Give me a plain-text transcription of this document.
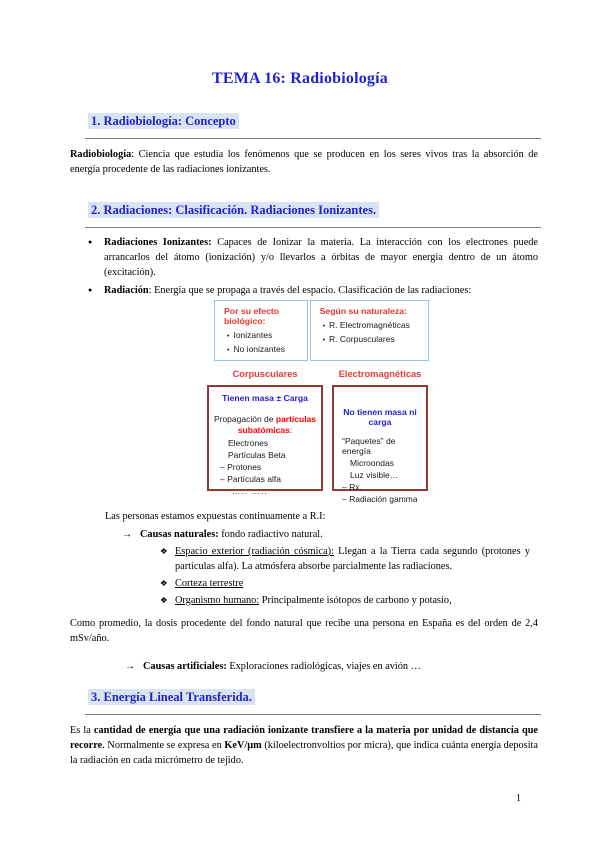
TEMA 16: Radiobiología
1. Radiobiología: Concepto

Radiobiología: Ciencia que estudia los fenómenos que se producen en los seres vivos tras la absorción de energía procedente de las radiaciones ionizantes.

2. Radiaciones: Clasificación. Radiaciones Ionizantes.
●	Radiaciones Ionizantes: Capaces de Ionizar la materia. La interacción con los electrones puede arrancarlos del átomo (ionización) y/o llevarlos a órbitas de mayor energía dentro de un átomo (excitación).

●	Radiación: Energía que se propaga a través del espacio. Clasificación de las radiaciones:

Por su efecto biológico:
• Ionizantes
• No ionizantes
Según su naturaleza:
• R. Electromagnéticas
• R. Corpusculares
Corpusculares	Electromagnéticas
Tienen masa ± Carga
Propagación de partículas subatómicas:
Electrones
Partículas Beta
– Protones
– Partículas alfa
….. …..
No tienen masa ni carga
“Paquetes” de energía
Microondas
Luz visible…
– Rx,
– Radiación gamma
Las personas estamos expuestas continuamente a R.I:
→ Causas naturales: fondo radiactivo natural.

❖ Espacio exterior (radiación cósmica): Llegan a la Tierra cada segundo (protones y partículas alfa). La atmósfera absorbe parcialmente las radiaciones.

❖ Corteza terrestre

❖ Organismo humano: Principalmente isótopos de carbono y potasio,

Como promedio, la dosis procedente del fondo natural que recibe una persona en España es del orden de 2,4 mSv/año.

→ Causas artificiales: Exploraciones radiológicas, viajes en avión …

3. Energía Lineal Transferida.

Es la cantidad de energía que una radiación ionizante transfiere a la materia por unidad de distancia que recorre. Normalmente se expresa en KeV/μm (kiloelectronvoltios por micra), que indica cuánta energía deposita la radiación en cada micrómetro de tejido.

1
